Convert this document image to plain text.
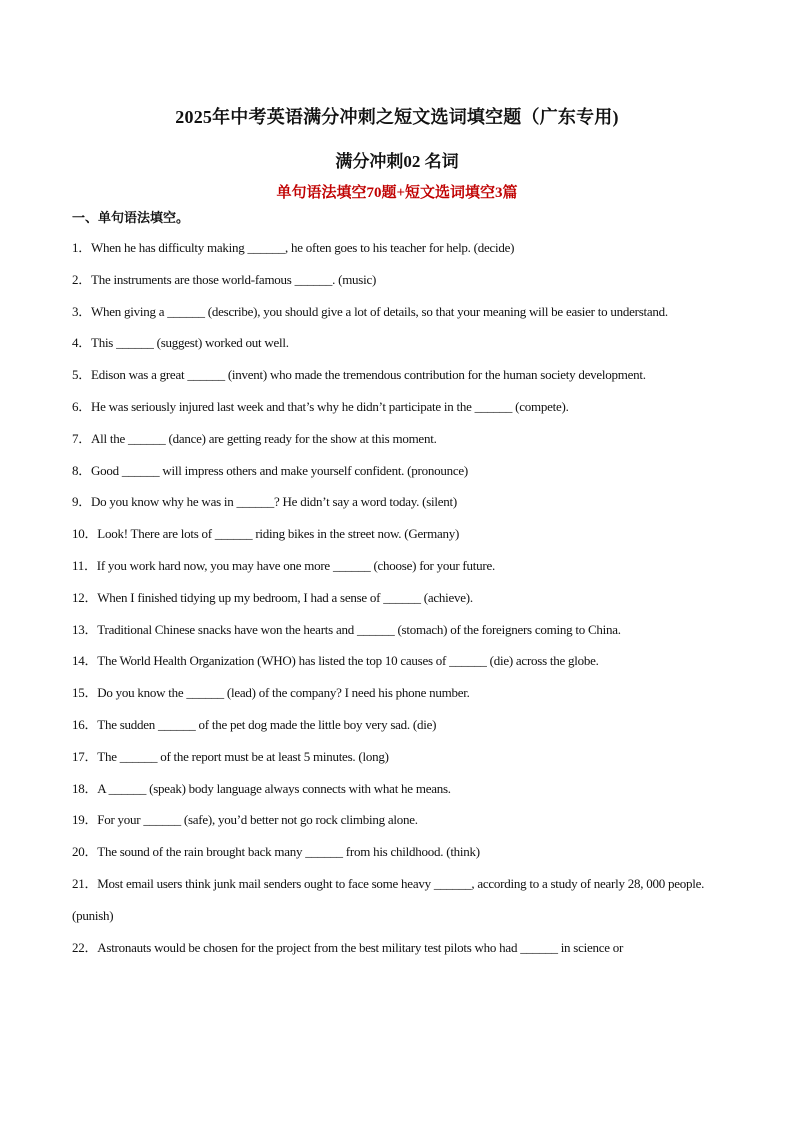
2025年中考英语满分冲刺之短文选词填空题（广东专用)
满分冲刺02 名词
单句语法填空70题+短文选词填空3篇
一、单句语法填空。

1．When he has difficulty making ______, he often goes to his teacher for help. (decide)

2．The instruments are those world-famous ______. (music)

3．When giving a ______ (describe), you should give a lot of details, so that your meaning will be easier to understand.

4．This ______ (suggest) worked out well.

5．Edison was a great ______ (invent) who made the tremendous contribution for the human society development.

6．He was seriously injured last week and that’s why he didn’t participate in the ______ (compete).

7．All the ______ (dance) are getting ready for the show at this moment.

8．Good ______ will impress others and make yourself confident. (pronounce)

9．Do you know why he was in ______? He didn’t say a word today. (silent)

10．Look! There are lots of ______ riding bikes in the street now. (Germany)

11．If you work hard now, you may have one more ______ (choose) for your future.

12．When I finished tidying up my bedroom, I had a sense of ______ (achieve).

13．Traditional Chinese snacks have won the hearts and ______ (stomach) of the foreigners coming to China.

14．The World Health Organization (WHO) has listed the top 10 causes of ______ (die) across the globe.

15．Do you know the ______ (lead) of the company? I need his phone number.

16．The sudden ______ of the pet dog made the little boy very sad. (die)

17．The ______ of the report must be at least 5 minutes. (long)

18．A ______ (speak) body language always connects with what he means.

19．For your ______ (safe), you’d better not go rock climbing alone.

20．The sound of the rain brought back many ______ from his childhood. (think)

21．Most email users think junk mail senders ought to face some heavy ______, according to a study of nearly 28, 000 people. (punish)

22．Astronauts would be chosen for the project from the best military test pilots who had ______ in science or
